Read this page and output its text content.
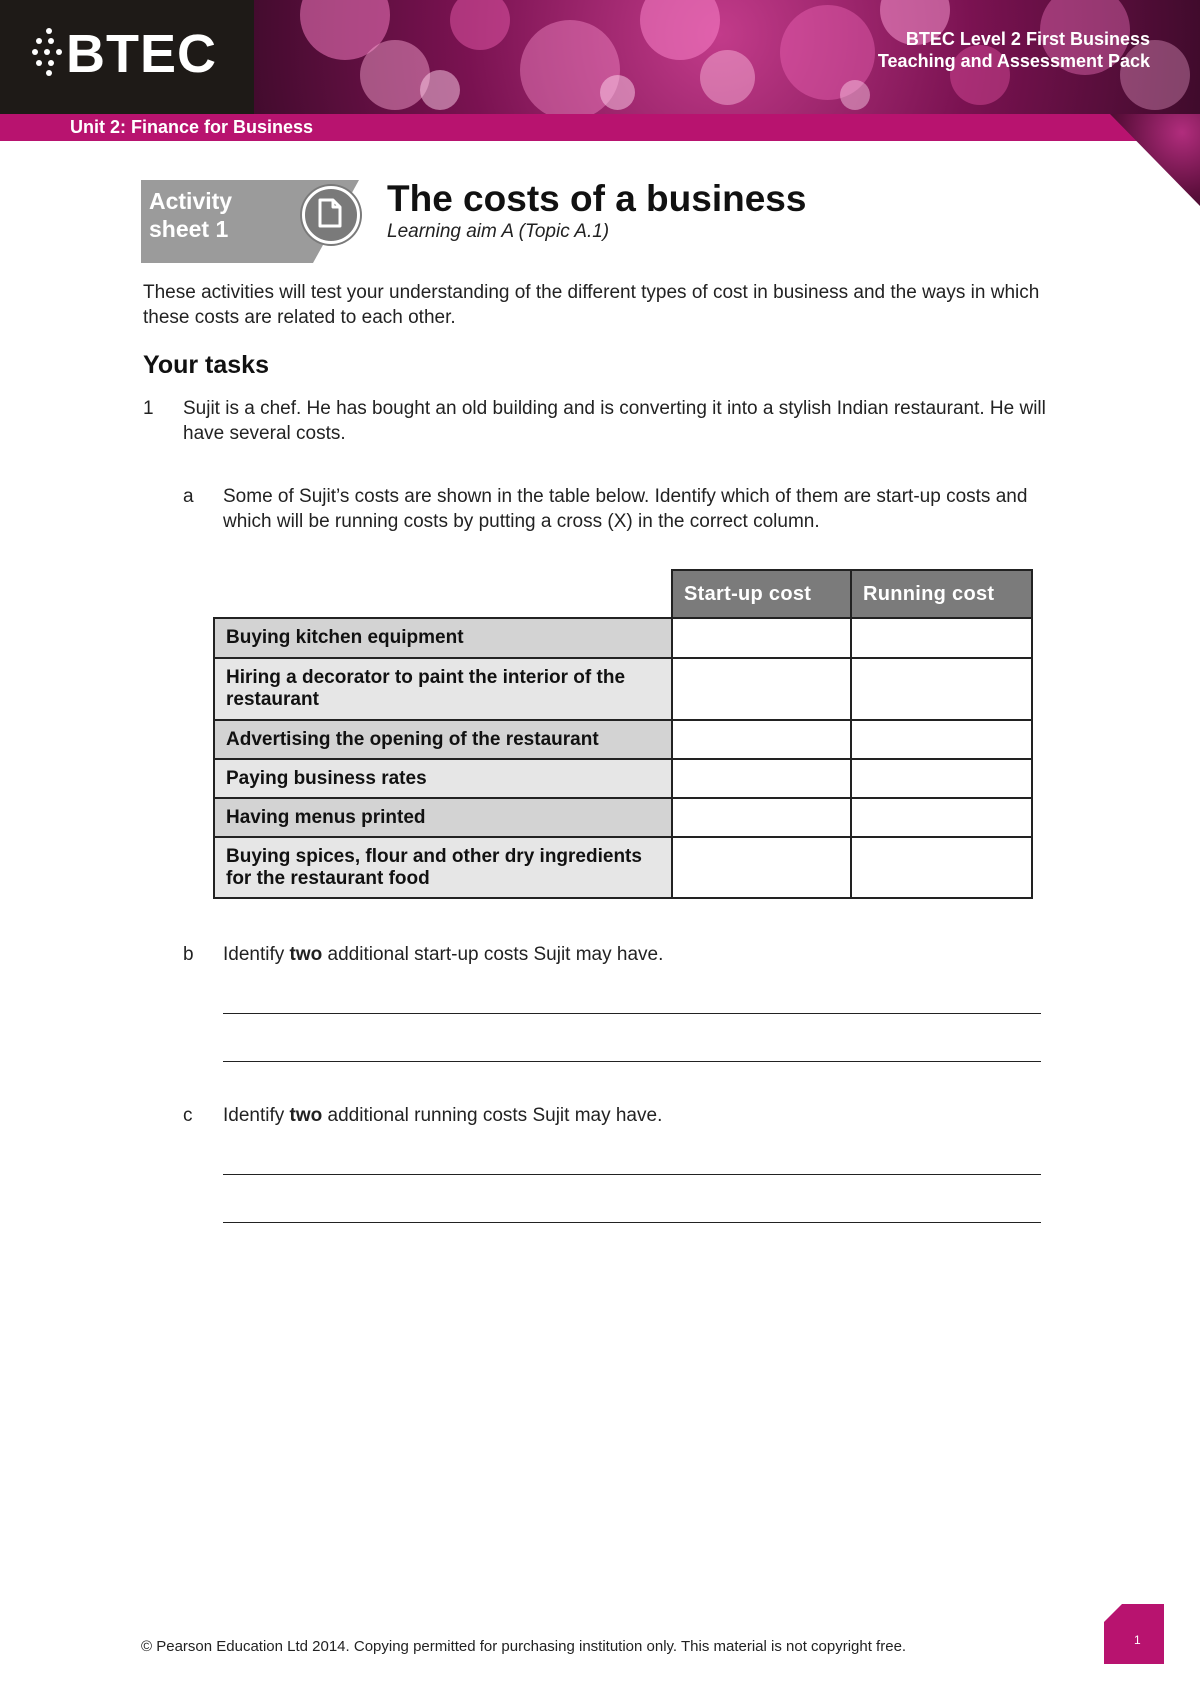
BTEC	BTEC Level 2 First Business
Teaching and Assessment Pack
Unit 2: Finance for Business
Activity
sheet 1
The costs of a business
Learning aim A (Topic A.1)
These activities will test your understanding of the different types of cost in business and the ways in which these costs are related to each other.
Your tasks
1 Sujit is a chef. He has bought an old building and is converting it into a stylish Indian restaurant. He will have several costs.
a Some of Sujit’s costs are shown in the table below. Identify which of them are start-up costs and which will be running costs by putting a cross (X) in the correct column.
	Start-up cost	Running cost
Buying kitchen equipment		
Hiring a decorator to paint the interior of the restaurant		
Advertising the opening of the restaurant		
Paying business rates		
Having menus printed		
Buying spices, flour and other dry ingredients for the restaurant food		
b Identify two additional start-up costs Sujit may have.
c Identify two additional running costs Sujit may have.
© Pearson Education Ltd 2014. Copying permitted for purchasing institution only. This material is not copyright free.	1
